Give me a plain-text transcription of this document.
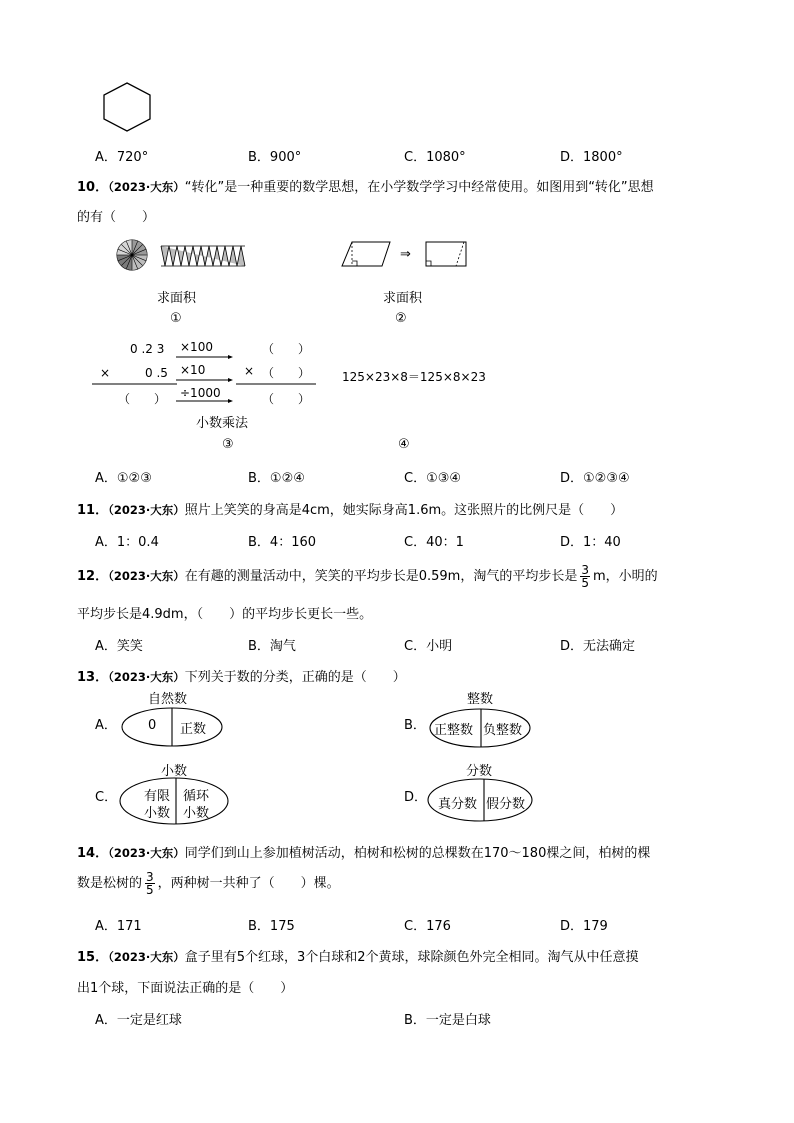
A．720°	B．900°	C．1080°	D．1800°
10．（2023·大东）“转化”是一种重要的数学思想，在小学数学学习中经常使用。如图用到“转化”思想
的有（　　）
求面积
①
⇒
求面积
②
0 .2 3
×	0 .5
（　　）
×100
×10
÷1000
（　　）
× （　　）
（　　）
小数乘法
③
125×23×8＝125×8×23
④
A．①②③	B．①②④	C．①③④	D．①②③④
11．（2023·大东）照片上笑笑的身高是4cm，她实际身高1.6m。这张照片的比例尺是（　　）
A．1：0.4	B．4：160	C．40：1	D．1：40
12．（2023·大东）在有趣的测量活动中，笑笑的平均步长是0.59m，淘气的平均步长是 $\frac{3}{5}$ m，小明的
平均步长是4.9dm，（　　）的平均步长更长一些。
A．笑笑	B．淘气	C．小明	D．无法确定
13．（2023·大东）下列关于数的分类，正确的是（　　）
A．
自然数
0 正数	B．
整数
正整数 负整数
C．
小数
有限
小数
循环
小数
D．
分数
真分数 假分数
14．（2023·大东）同学们到山上参加植树活动，柏树和松树的总棵数在170～180棵之间，柏树的棵
数是松树的 $\frac{3}{5}$ ，两种树一共种了（　　）棵。
A．171	B．175	C．176	D．179
15．（2023·大东）盒子里有5个红球，3个白球和2个黄球，球除颜色外完全相同。淘气从中任意摸
出1个球，下面说法正确的是（　　）
A．一定是红球	B．一定是白球
